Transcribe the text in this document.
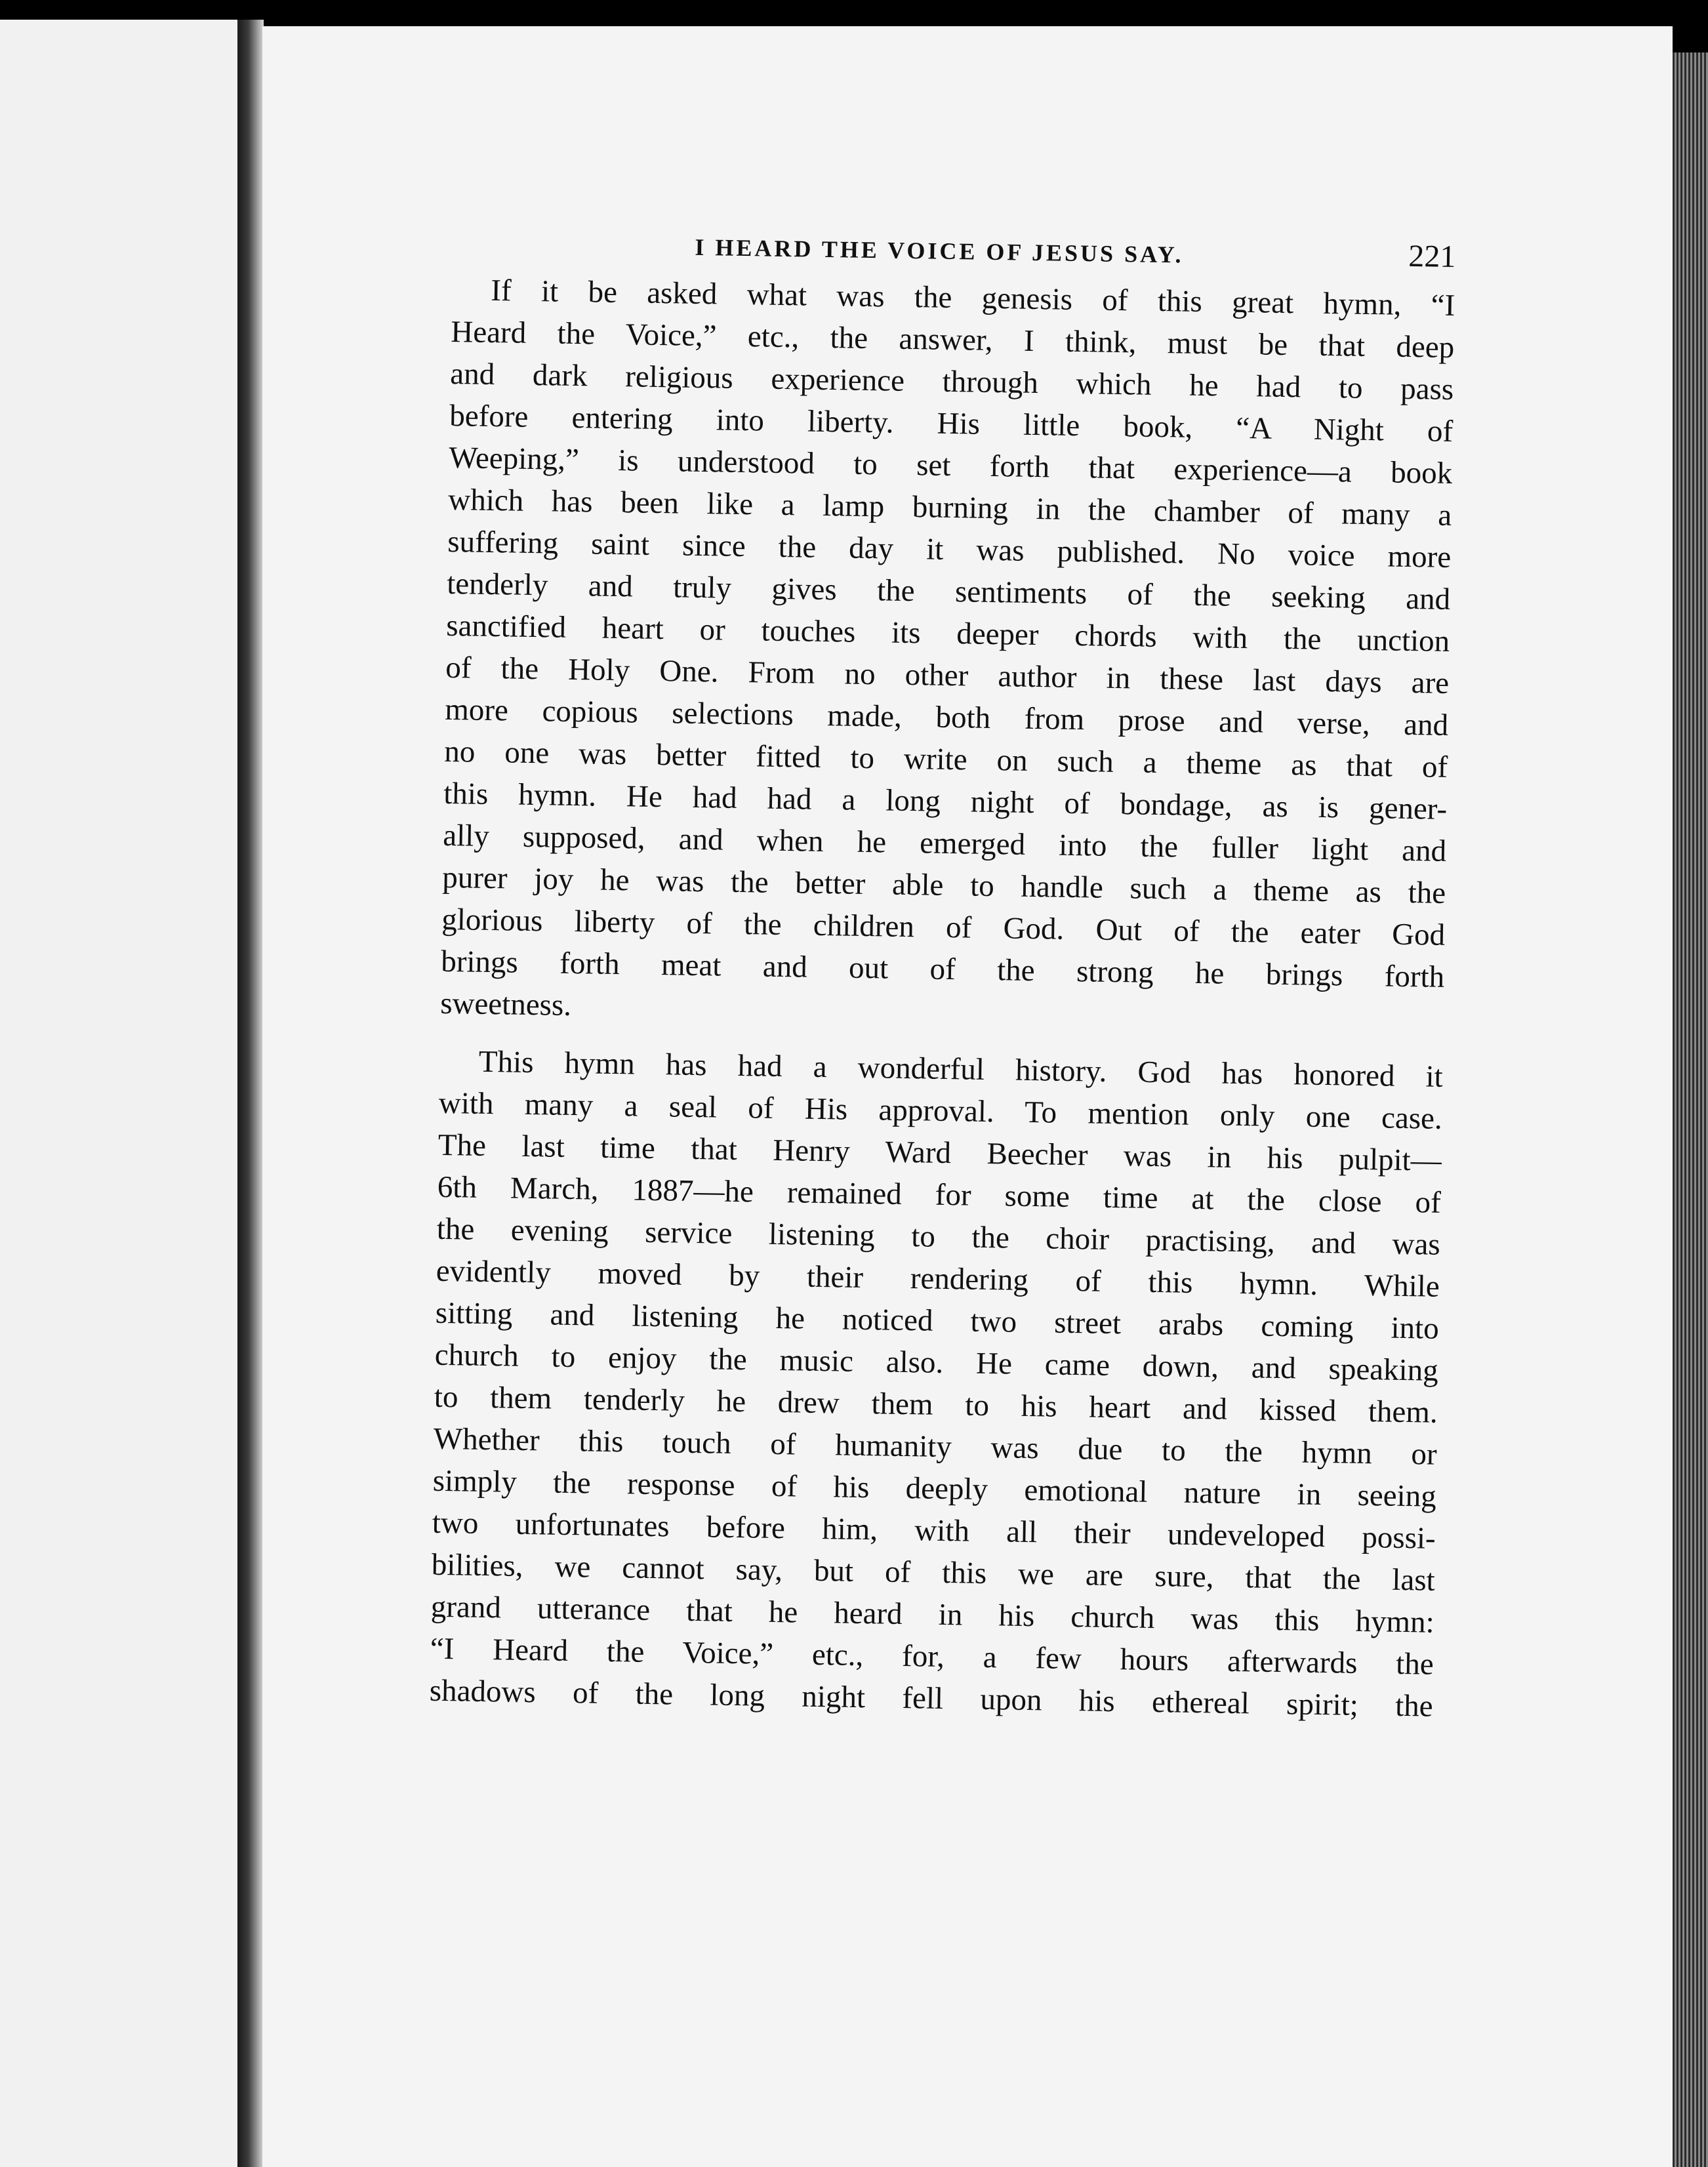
I HEARD THE VOICE OF JESUS SAY.	221
If it be asked what was the genesis of this great hymn, “I
Heard the Voice,” etc., the answer, I think, must be that deep
and dark religious experience through which he had to pass
before entering into liberty. His little book, “A Night of
Weeping,” is understood to set forth that experience—a book
which has been like a lamp burning in the chamber of many a
suffering saint since the day it was published. No voice more
tenderly and truly gives the sentiments of the seeking and
sanctified heart or touches its deeper chords with the unction
of the Holy One. From no other author in these last days are
more copious selections made, both from prose and verse, and
no one was better fitted to write on such a theme as that of
this hymn. He had had a long night of bondage, as is gener-
ally supposed, and when he emerged into the fuller light and
purer joy he was the better able to handle such a theme as the
glorious liberty of the children of God. Out of the eater God
brings forth meat and out of the strong he brings forth
sweetness.
This hymn has had a wonderful history. God has honored it
with many a seal of His approval. To mention only one case.
The last time that Henry Ward Beecher was in his pulpit—
6th March, 1887—he remained for some time at the close of
the evening service listening to the choir practising, and was
evidently moved by their rendering of this hymn. While
sitting and listening he noticed two street arabs coming into
church to enjoy the music also. He came down, and speaking
to them tenderly he drew them to his heart and kissed them.
Whether this touch of humanity was due to the hymn or
simply the response of his deeply emotional nature in seeing
two unfortunates before him, with all their undeveloped possi-
bilities, we cannot say, but of this we are sure, that the last
grand utterance that he heard in his church was this hymn:
“I Heard the Voice,” etc., for, a few hours afterwards the
shadows of the long night fell upon his ethereal spirit; the
